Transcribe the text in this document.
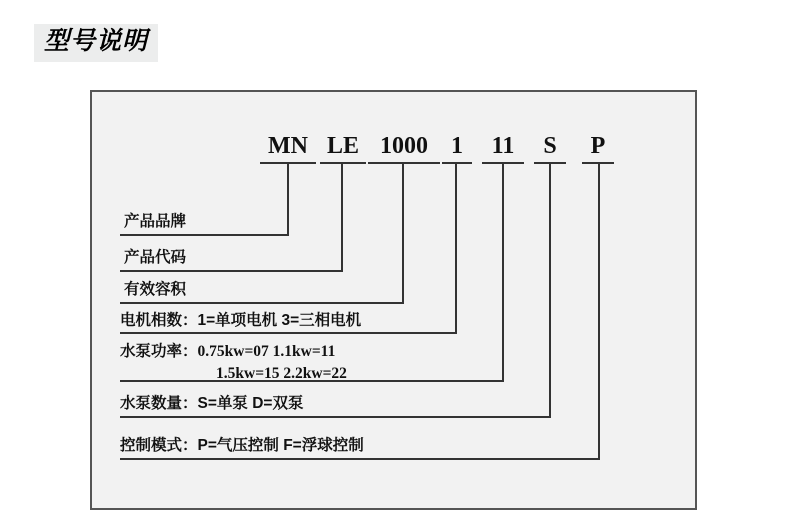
型号说明
MN LE 1000 1	11	S P
产品品牌
产品代码
有效容积
电机相数：1=单项电机 3=三相电机
水泵功率：0.75kw=07 1.1kw=11
1.5kw=15 2.2kw=22
水泵数量：S=单泵 D=双泵
控制模式：P=气压控制 F=浮球控制
